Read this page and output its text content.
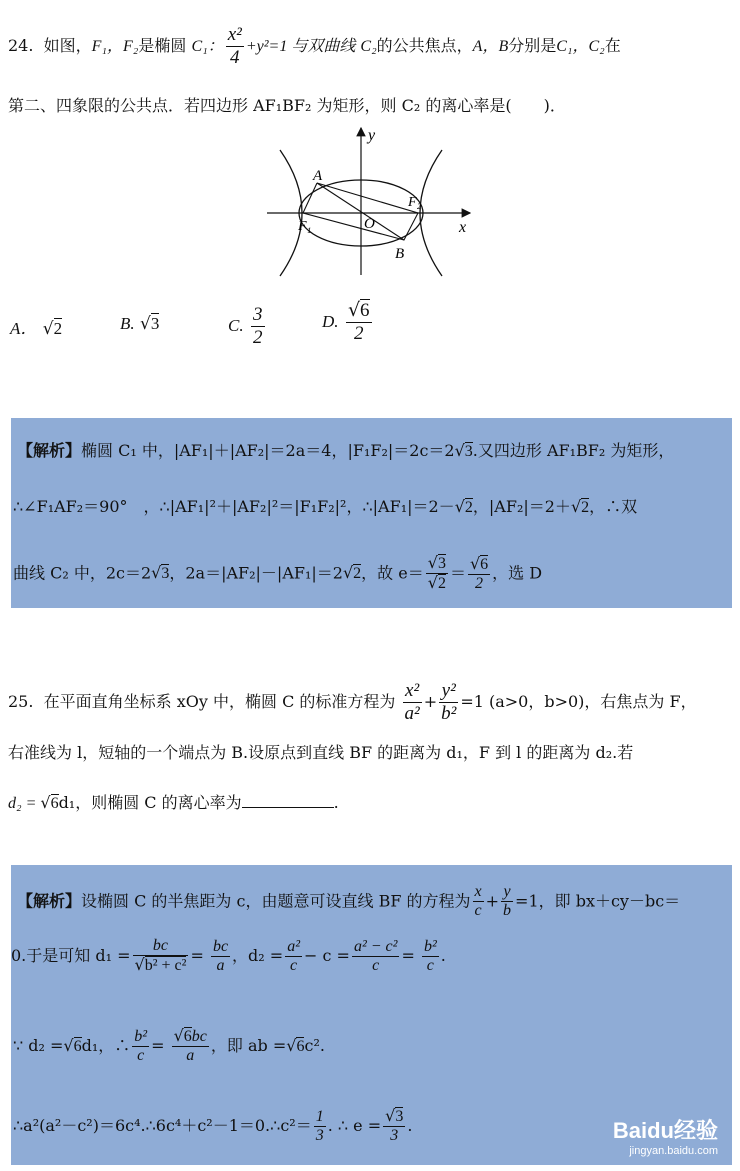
24. 如图，F₁，F₂是椭圆 C₁： $\frac{\text{x²}}{4} +y^2=1$ 与双曲线 C₂的公共焦点，A，B分别是C₁，C₂在
第二、四象限的公共点．若四边形 AF₁BF₂ 为矩形，则 C₂ 的离心率是(　　)．
y
x
O
A
B
F₁
F₂
A． √2	B. √3	C. $\frac{3}{2}$	D. $\frac{√6}{2}$
【解析】椭圆 C₁ 中，|AF₁|＋|AF₂|＝2a＝4，|F₁F₂|＝2c＝2√3.又四边形 AF₁BF₂ 为矩形，
∴∠F₁AF₂＝90°　，∴|AF₁|²＋|AF₂|²＝|F₁F₂|²，∴|AF₁|＝2－√2，|AF₂|＝2＋√2，∴双
曲线 C₂ 中，2c＝2√3，2a＝|AF₂|－|AF₁|＝2√2，故 $e= \frac{√3}{√2} = \frac{√6}{2}$ ，选 D
25. 在平面直角坐标系 xOy 中，椭圆 C 的标准方程为 $\frac{\text{x²}}{\text{a²}} + \frac{\text{y²}}{\text{b²}} =1$ (a>0，b>0)，右焦点为 F，
右准线为 l，短轴的一个端点为 B.设原点到直线 BF 的距离为 d₁，F 到 l 的距离为 d₂.若
d₂ = √6d₁，则椭圆 C 的离心率为	.
【解析】设椭圆 C 的半焦距为 c，由题意可设直线 BF 的方程为 $\frac{x}{c} + \frac{y}{b} =1$，即 bx＋cy－bc＝
0.于是可知 $d_1 = \frac{bc}{\text{√b² + c²}} = \frac{bc}{a}$ ，$d_2 = \frac{\text{a²}}{c} - c = \frac{\text{a² − c²}}{c} = \frac{\text{b²}}{c}$ .
∵ d₂ =√6d₁，∴ $\frac{\text{b²}}{c} = \frac{√6bc}{a}$ ，即 ab =√6c².
∴a²(a²－c²)＝6c⁴.∴6c⁴＋c²－1＝0.∴c²＝ $\frac{1}{3}$ . ∴ $e = \frac{√3}{3}$ .	Baidu经验
jingyan.baidu.com
